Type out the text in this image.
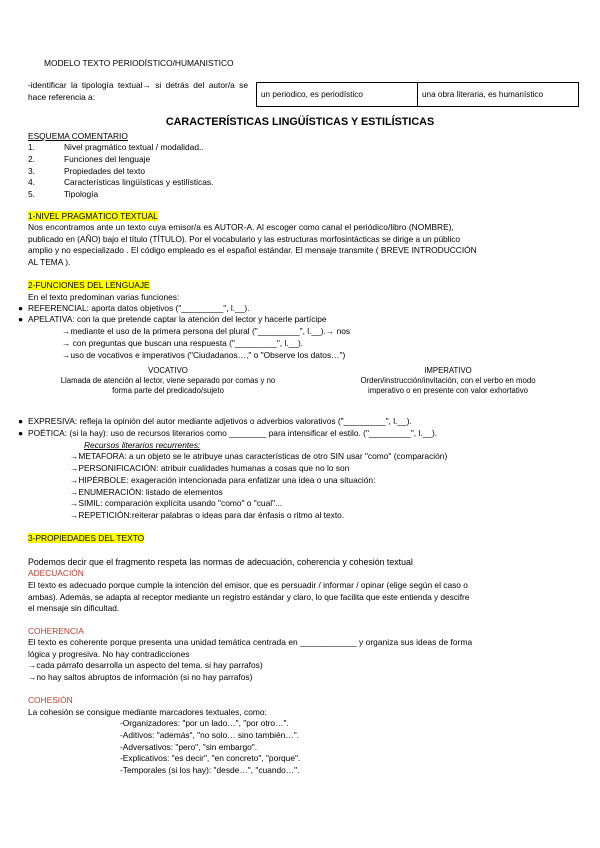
MODELO TEXTO PERIODÍSTICO/HUMANISTICO
-identificar la tipología textual→ si detrás del autor/a se hace referencia a:	un periodico, es periodístico	una obra literaria, es humanístico
CARACTERÍSTICAS LINGÜÍSTICAS Y ESTILÍSTICAS
ESQUEMA COMENTARIO
1.	Nivel pragmático textual / modalidad..
2.	Funciones del lenguaje
3.	Propiedades del texto
4.	Características lingüísticas y estilísticas.
5.	Tipología
1-NIVEL PRAGMÁTICO TEXTUAL
Nos encontramos ante un texto cuya emisor/a es AUTOR-A. Al escoger como canal el periódico/libro (NOMBRE),
publicado en (AÑO) bajo el título (TÍTULO). Por el vocabulario y las estructuras morfosintácticas se dirige a un público
amplio y no especializado . El código empleado es el español estándar. El mensaje transmite ( BREVE INTRODUCCIÓN
AL TEMA ).
2-FUNCIONES DEL LENGUAJE
En el texto predominan varias funciones:
● REFERENCIAL: aporta datos objetivos ("_________", l.__).
● APELATIVA: con la que pretende captar la atención del lector y hacerle partícipe
→mediante el uso de la primera persona del plural ("_________", l.__).→ nos
→ con preguntas que buscan una respuesta ("_________", l.__).
→uso de vocativos e imperativos ("Ciudadanos…," o "Observe los datos…")
VOCATIVO
Llamada de atención al lector, viene separado por comas y no
forma parte del predicado/sujeto
IMPERATIVO
Orden/instrucción/invitación, con el verbo en modo
imperativo o en presente con valor exhortativo
● EXPRESIVA: refleja la opinión del autor mediante adjetivos o adverbios valorativos ("_________", l.__).
● POÉTICA: (si la hay): uso de recursos literarios como ________ para intensificar el estilo. ("_________", l.__).
Recursos literarios recurrentes:
→METAFORA: a un objeto se le atribuye unas características de otro SIN usar "como" (comparación)
→PERSONIFICACIÓN: atribuir cualidades humanas a cosas que no lo son
→HIPÉRBOLE: exageración intencionada para enfatizar una idea o una situación:
→ENUMERACIÓN: listado de elementos
→SIMIL: comparación explícita usando "como" o "cual"...
→REPETICIÓN:reiterar palabras o ideas para dar énfasis o ritmo al texto.
3-PROPIEDADES DEL TEXTO
Podemos decir que el fragmento respeta las normas de adecuación, coherencia y cohesión textual
ADECUACIÓN
El texto es adecuado porque cumple la intención del emisor, que es persuadir / informar / opinar (elige según el caso o
ambas). Además, se adapta al receptor mediante un registro estándar y claro, lo que facilita que este entienda y descifre
el mensaje sin dificultad.
COHERENCIA
El texto es coherente porque presenta una unidad temática centrada en ____________ y organiza sus ideas de forma
lógica y progresiva. No hay contradicciones
→cada párrafo desarrolla un aspecto del tema. si hay parrafos)
→no hay saltos abruptos de información (si no hay parrafos)
COHESIÓN
La cohesión se consigue mediante marcadores textuales, como:
-Organizadores: "por un lado…", "por otro…".
-Aditivos: "además", "no solo… sino también…".
-Adversativos: "pero", "sin embargo".
-Explicativos: "es decir", "en concreto", "porque".
-Temporales (si los hay): "desde…", "cuando…".
